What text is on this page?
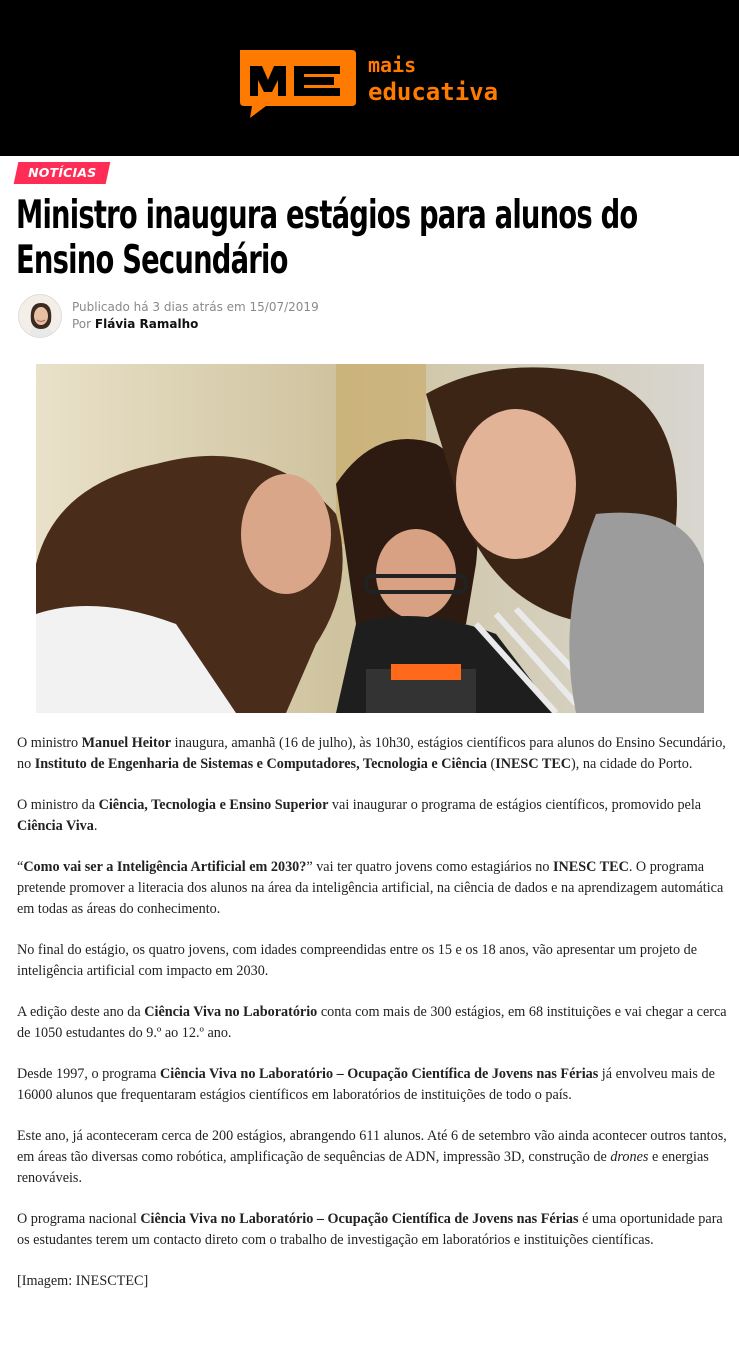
mais
educativa
NOTÍCIAS
Ministro inaugura estágios para alunos do
Ensino Secundário
Publicado há 3 dias atrás em 15/07/2019
Por Flávia Ramalho

O ministro Manuel Heitor inaugura, amanhã (16 de julho), às 10h30, estágios científicos para alunos do Ensino Secundário, no Instituto de Engenharia de Sistemas e Computadores, Tecnologia e Ciência (INESC TEC), na cidade do Porto.

O ministro da Ciência, Tecnologia e Ensino Superior vai inaugurar o programa de estágios científicos, promovido pela Ciência Viva.

“Como vai ser a Inteligência Artificial em 2030?” vai ter quatro jovens como estagiários no INESC TEC. O programa pretende promover a literacia dos alunos na área da inteligência artificial, na ciência de dados e na aprendizagem automática em todas as áreas do conhecimento.

No final do estágio, os quatro jovens, com idades compreendidas entre os 15 e os 18 anos, vão apresentar um projeto de inteligência artificial com impacto em 2030.

A edição deste ano da Ciência Viva no Laboratório conta com mais de 300 estágios, em 68 instituições e vai chegar a cerca de 1050 estudantes do 9.º ao 12.º ano.

Desde 1997, o programa Ciência Viva no Laboratório – Ocupação Científica de Jovens nas Férias já envolveu mais de 16000 alunos que frequentaram estágios científicos em laboratórios de instituições de todo o país.

Este ano, já aconteceram cerca de 200 estágios, abrangendo 611 alunos. Até 6 de setembro vão ainda acontecer outros tantos, em áreas tão diversas como robótica, amplificação de sequências de ADN, impressão 3D, construção de drones e energias renováveis.

O programa nacional Ciência Viva no Laboratório – Ocupação Científica de Jovens nas Férias é uma oportunidade para os estudantes terem um contacto direto com o trabalho de investigação em laboratórios e instituições científicas.

[Imagem: INESCTEC]
